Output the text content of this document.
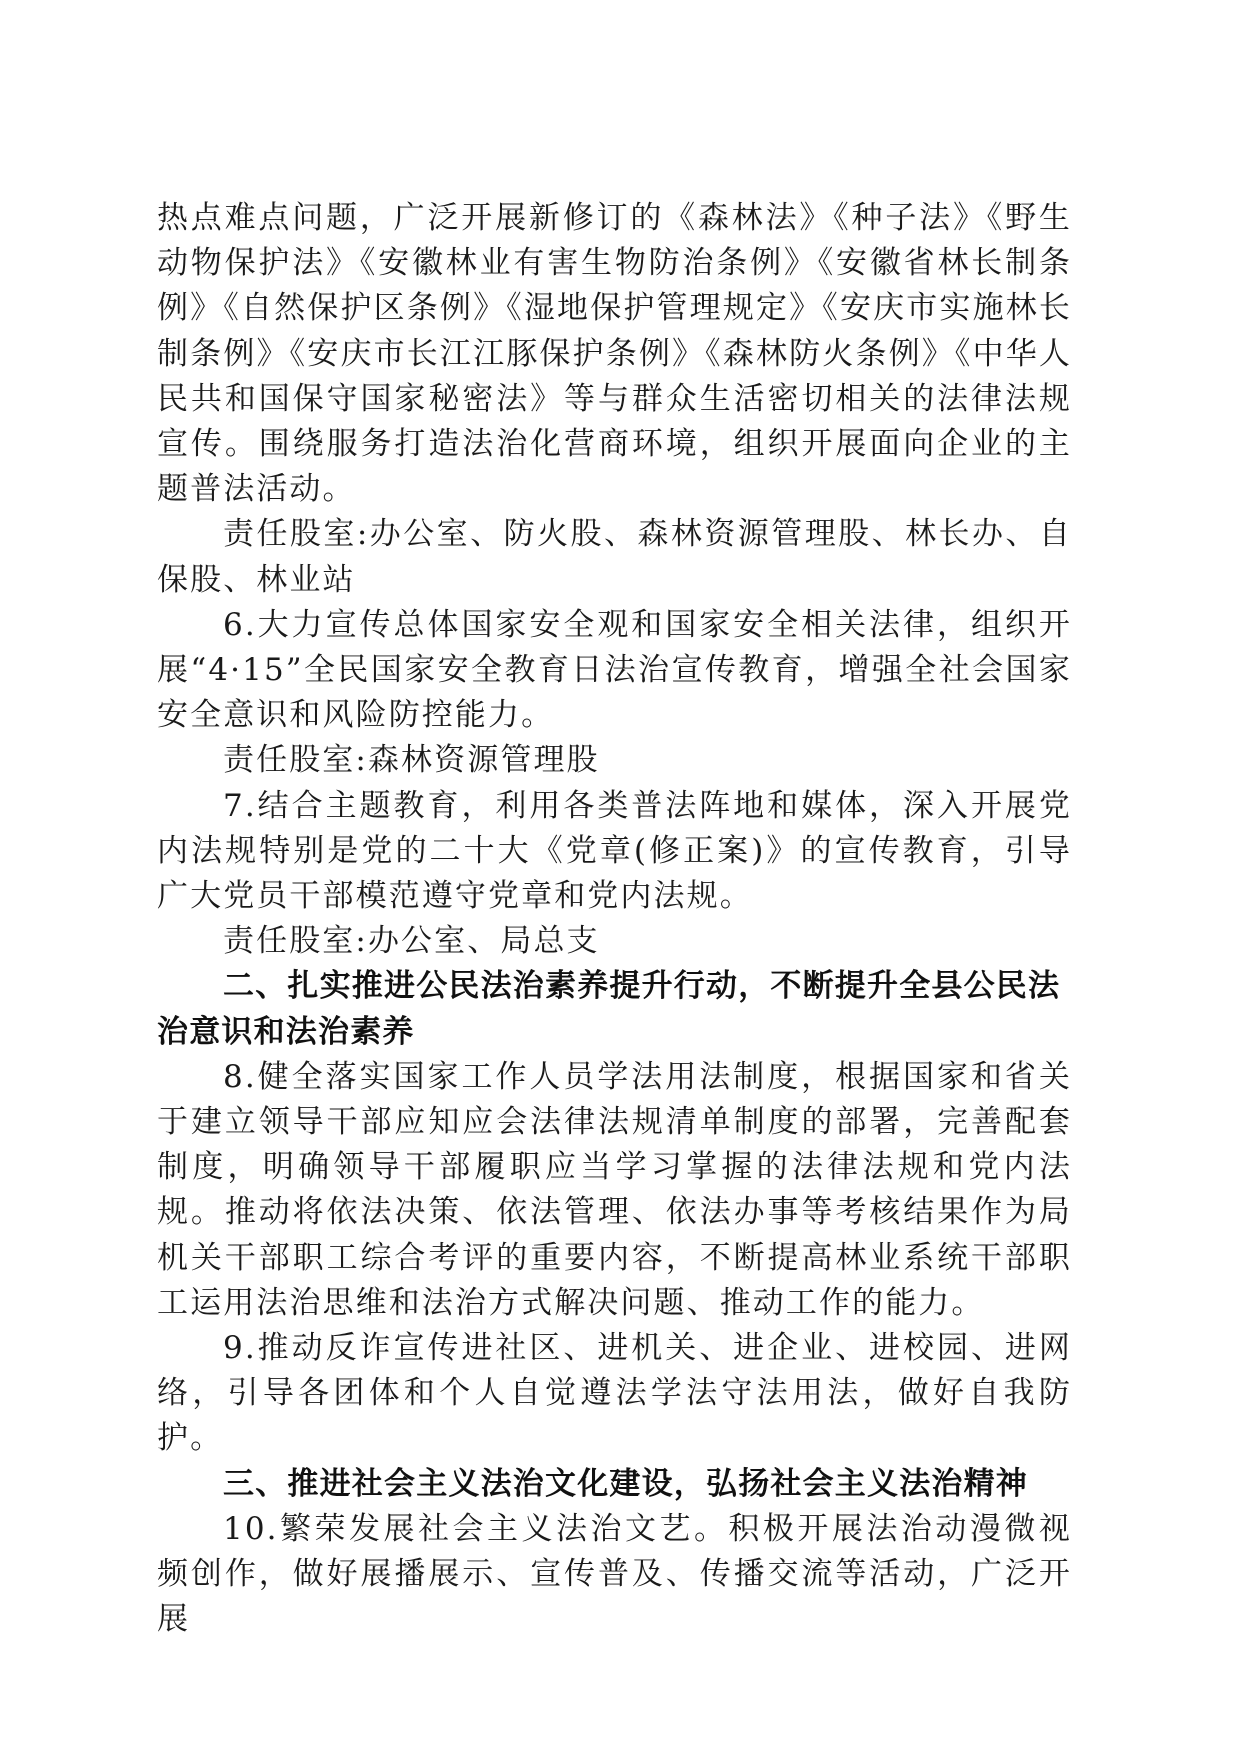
热点难点问题，广泛开展新修订的《森林法》《种子法》《野生动物保护法》《安徽林业有害生物防治条例》《安徽省林长制条例》《自然保护区条例》《湿地保护管理规定》《安庆市实施林长制条例》《安庆市长江江豚保护条例》《森林防火条例》《中华人民共和国保守国家秘密法》等与群众生活密切相关的法律法规宣传。围绕服务打造法治化营商环境，组织开展面向企业的主题普法活动。

责任股室:办公室、防火股、森林资源管理股、林长办、自保股、林业站

6.大力宣传总体国家安全观和国家安全相关法律，组织开展“4·15”全民国家安全教育日法治宣传教育，增强全社会国家安全意识和风险防控能力。

责任股室:森林资源管理股

7.结合主题教育，利用各类普法阵地和媒体，深入开展党内法规特别是党的二十大《党章(修正案)》的宣传教育，引导广大党员干部模范遵守党章和党内法规。

责任股室:办公室、局总支

二、扎实推进公民法治素养提升行动，不断提升全县公民法治意识和法治素养

8.健全落实国家工作人员学法用法制度，根据国家和省关于建立领导干部应知应会法律法规清单制度的部署，完善配套制度，明确领导干部履职应当学习掌握的法律法规和党内法规。推动将依法决策、依法管理、依法办事等考核结果作为局机关干部职工综合考评的重要内容，不断提高林业系统干部职工运用法治思维和法治方式解决问题、推动工作的能力。

9.推动反诈宣传进社区、进机关、进企业、进校园、进网络，引导各团体和个人自觉遵法学法守法用法，做好自我防护。

三、推进社会主义法治文化建设，弘扬社会主义法治精神

10.繁荣发展社会主义法治文艺。积极开展法治动漫微视频创作，做好展播展示、宣传普及、传播交流等活动，广泛开展
